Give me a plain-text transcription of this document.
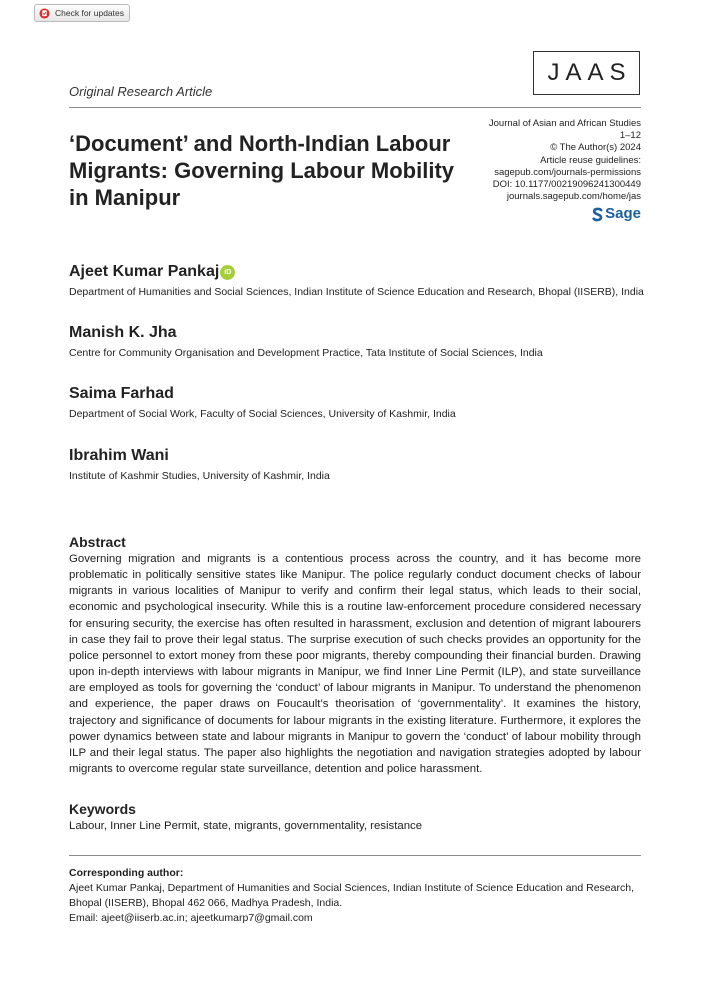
Check for updates
Original Research Article
JAAS
‘Document’ and North-Indian Labour Migrants: Governing Labour Mobility in Manipur
Journal of Asian and African Studies
1–12
© The Author(s) 2024
Article reuse guidelines:
sagepub.com/journals-permissions
DOI: 10.1177/00219096241300449
journals.sagepub.com/home/jas
Sage
Ajeet Kumar Pankaj iD
Department of Humanities and Social Sciences, Indian Institute of Science Education and Research, Bhopal (IISERB), India
Manish K. Jha
Centre for Community Organisation and Development Practice, Tata Institute of Social Sciences, India
Saima Farhad
Department of Social Work, Faculty of Social Sciences, University of Kashmir, India
Ibrahim Wani
Institute of Kashmir Studies, University of Kashmir, India
Abstract
Governing migration and migrants is a contentious process across the country, and it has become more problematic in politically sensitive states like Manipur. The police regularly conduct document checks of labour migrants in various localities of Manipur to verify and confirm their legal status, which leads to their social, economic and psychological insecurity. While this is a routine law-enforcement procedure considered necessary for ensuring security, the exercise has often resulted in harassment, exclusion and detention of migrant labourers in case they fail to prove their legal status. The surprise execution of such checks provides an opportunity for the police personnel to extort money from these poor migrants, thereby compounding their financial burden. Drawing upon in-depth interviews with labour migrants in Manipur, we find Inner Line Permit (ILP), and state surveillance are employed as tools for governing the ‘conduct’ of labour migrants in Manipur. To understand the phenomenon and experience, the paper draws on Foucault’s theorisation of ‘governmentality’. It examines the history, trajectory and significance of documents for labour migrants in the existing literature. Furthermore, it explores the power dynamics between state and labour migrants in Manipur to govern the ‘conduct’ of labour mobility through ILP and their legal status. The paper also highlights the negotiation and navigation strategies adopted by labour migrants to overcome regular state surveillance, detention and police harassment.
Keywords
Labour, Inner Line Permit, state, migrants, governmentality, resistance
Corresponding author:
Ajeet Kumar Pankaj, Department of Humanities and Social Sciences, Indian Institute of Science Education and Research,
Bhopal (IISERB), Bhopal 462 066, Madhya Pradesh, India.
Email: ajeet@iiserb.ac.in; ajeetkumarp7@gmail.com
